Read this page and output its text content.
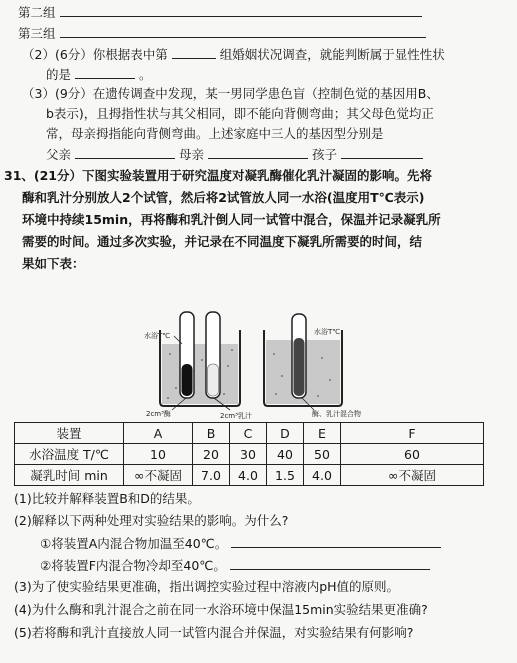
第二组
第三组
（2）(6分）你根据表中第	组婚姻状况调查，就能判断属于显性性状
的是	。
（3）(9分）在遗传调查中发现，某一男同学患色盲（控制色觉的基因用B、
b表示)，且拇指性状与其父相同，即不能向背侧弯曲；其父母色觉均正
常，母亲拇指能向背侧弯曲。上述家庭中三人的基因型分别是
父亲	母亲	孩子
31、(21分）下图实验装置用于研究温度对凝乳酶催化乳汁凝固的影响。先将
酶和乳汁分别放人2个试管，然后将2试管放人同一水浴(温度用T℃表示)
环境中持续15min，再将酶和乳汁倒人同一试管中混合，保温并记录凝乳所
需要的时间。通过多次实验，并记录在不同温度下凝乳所需要的时间，结
果如下表：
水浴T℃
2cm³酶	2cm³乳汁
水浴T℃
酶、乳汁混合物
装置	A	B	C	D	E	F
水浴温度 T/℃	10	20	30	40	50	60
凝乳时间 min	∞不凝固	7.0	4.0	1.5	4.0	∞不凝固
(1)比较并解释装置B和D的结果。
(2)解释以下两种处理对实验结果的影响。为什么?
①将装置A内混合物加温至40℃。
②将装置F内混合物冷却至40℃。
(3)为了使实验结果更准确，指出调控实验过程中溶液内pH值的原则。
(4)为什么酶和乳汁混合之前在同一水浴环境中保温15min实验结果更准确?
(5)若将酶和乳汁直接放人同一试管内混合并保温，对实验结果有何影响?
